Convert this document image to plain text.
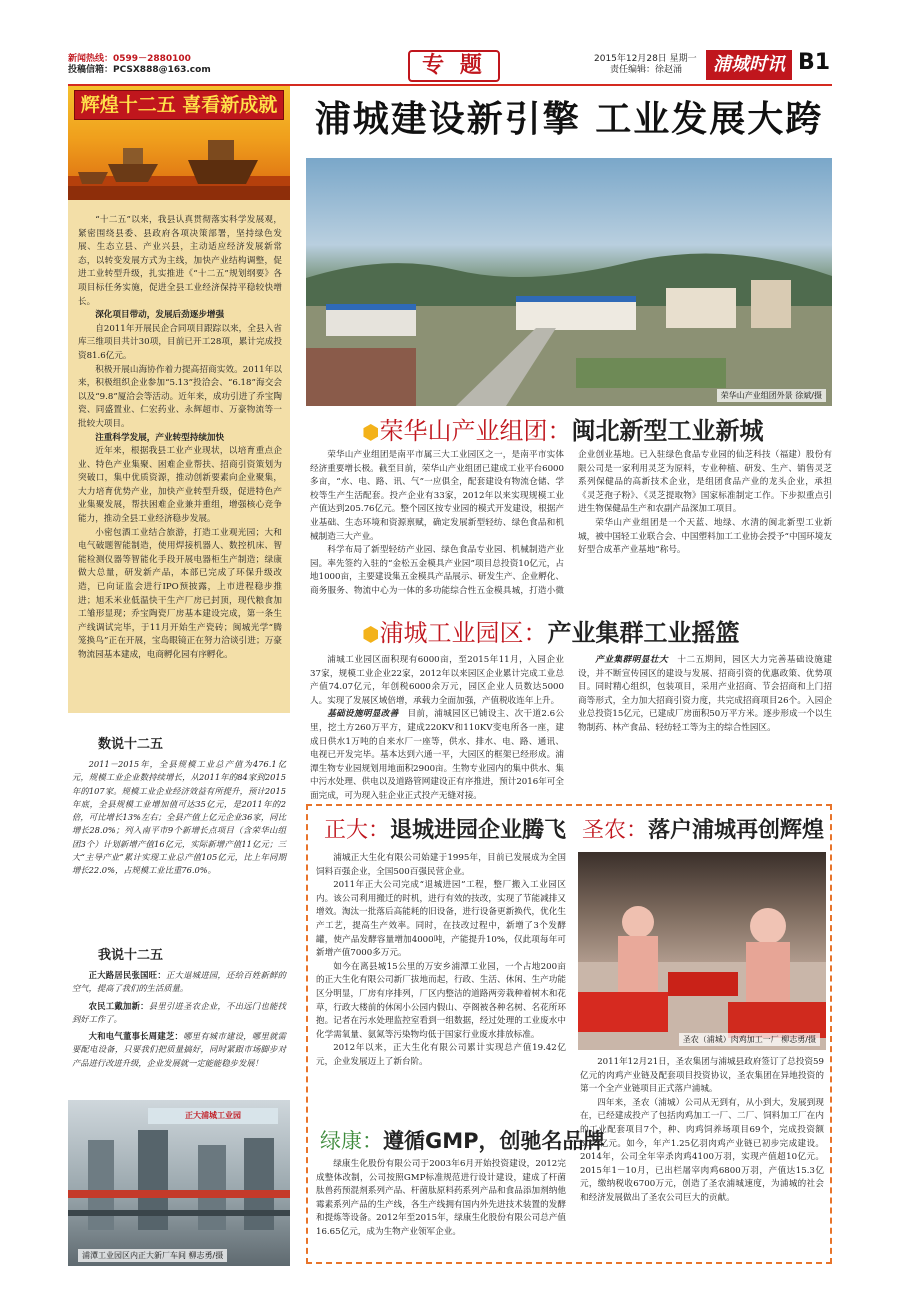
新闻热线：0599－2880100
投稿信箱：PCSX888@163.com	专 题	2015年12月28日 星期一
责任编辑：徐赵涌	浦城时讯 B1
辉煌十二五 喜看新成就
“十二五”以来，我县认真贯彻落实科学发展观，紧密围绕县委、县政府各项决策部署，坚持绿色发展、生态立县、产业兴县，主动适应经济发展新常态，以转变发展方式为主线，加快产业结构调整，促进工业转型升级，扎实推进《“十二五”规划纲要》各项目标任务实施，促进全县工业经济保持平稳较快增长。
深化项目带动，发展后劲逐步增强
自2011年开展民企合同项目跟踪以来，全县入省库三维项目共计30项，目前已开工28项，累计完成投资81.6亿元。
积极开展山海协作着力提高招商实效。2011年以来，积极组织企业参加“5.13”投洽会、“6.18”海交会以及“9.8”厦洽会等活动。近年来，成功引进了乔宝陶瓷、同盛置业、仁宏药业、永辉超市、万豪物流等一批较大项目。
注重科学发展，产业转型持续加快
近年来，根据我县工业产业现状，以培育重点企业、特色产业集聚、困难企业帮扶、招商引资策划为突破口，集中优质资源，推动创新要素向企业聚集，大力培育优势产业，加快产业转型升级，促进特色产业集聚发展，帮扶困难企业兼并重组，增强核心竞争能力，推动全县工业经济稳步发展。
小密包酒工业结合旅游，打造工业观光园；大和电气破题智能制造，使用焊接机器人、数控机床、智能检测仪器等智能化手段开展电器柜生产制造；绿康做大总量，研发新产品，本部已完成了环保升级改造，已向证监会进行IPO预披露，上市进程稳步推进；旭禾米业低温快干生产厂房已封顶，现代粮食加工雏形显现；乔宝陶瓷厂房基本建设完成，第一条生产线调试完毕，于11月开始生产瓷砖；闽城光学“腾笼换鸟”正在开展，宝岛眼镜正在努力洽谈引进；万豪物流园基本建成，电商孵化园有序孵化。
数说十二五
2011－2015年，全县规模工业总产值为476.1亿元，规模工业企业数持续增长，从2011年的84家到2015年的107家。规模工业企业经济效益有所提升，预计2015年底，全县规模工业增加值可达35亿元，是2011年的2倍，可比增长13%左右；全县产值上亿元企业36家，同比增长28.0%；列入南平市9个新增长点项目（含荣华山组团3个）计划新增产值16亿元，实际新增产值11亿元；三大“主导产业”累计实现工业总产值105亿元，比上年同期增长22.0%，占规模工业比重76.0%。
我说十二五
正大路居民张国旺：正大退城进园，还给百姓新鲜的空气，提高了我们的生活质量。
农民工戴加新：县里引进圣农企业，不出远门也能找到好工作了。
大和电气董事长周建芝：哪里有城市建设，哪里就需要配电设备，只要我们把质量搞好，同时紧跟市场脚步对产品进行改进升级，企业发展就一定能能稳步发展！
正大浦城工业园
浦潭工业园区内正大新厂车间 柳志勇/摄
浦城建设新引擎 工业发展大跨
荣华山产业组团外景 徐斌/摄
⬢荣华山产业组团：闽北新型工业新城
荣华山产业组团是南平市属三大工业园区之一，是南平市实体经济重要增长极。截至目前，荣华山产业组团已建成工业平台6000多亩，“水、电、路、讯、气”一应俱全，配套建设有物流仓储、学校等生产生活配套。投产企业有33家，2012年以来实现规模工业产值达到205.76亿元。整个园区按专业园的模式开发建设，根据产业基础、生态环境和资源禀赋，确定发展新型轻纺、绿色食品和机械制造三大产业。
科学布局了新型轻纺产业园、绿色食品专业园、机械制造产业园。率先签约入驻的“金松五金模具产业园”项目总投资10亿元，占地1000亩，主要建设集五金模具产品展示、研发生产、企业孵化、商务服务、物流中心为一体的多功能综合性五金模具城，打造小微企业创业基地。已入驻绿色食品专业园的仙芝科技（福建）股份有限公司是一家利用灵芝为原料，专业种植、研发、生产、销售灵芝系列保健品的高新技术企业，是组团食品产业的龙头企业，承担《灵芝孢子粉》、《灵芝提取物》国家标准制定工作。下步拟重点引进生物保健品生产和农副产品深加工项目。
荣华山产业组团是一个天蓝、地绿、水清的闽北新型工业新城，被中国轻工业联合会、中国塑料加工工业协会授予“中国环境友好型合成革产业基地”称号。
⬢浦城工业园区：产业集群工业摇篮
浦城工业园区面积现有6000亩，至2015年11月，入园企业37家，规模工业企业22家，2012年以来园区企业累计完成工业总产值74.07亿元，年创税6000余万元，园区企业人员数达5000人。实现了发展区域倍增，承载力全面加强，产值税收连年上升。
基础设施明显改善　 目前，浦城园区已铺设主、次干道2.6公里，挖土方260万平方，建成220KV和110KV变电所各一座，建成日供水1万吨的自来水厂一座等，供水、排水、电、路、通讯、电视已开发完毕。基本达到六通一平，大园区的框架已经形成。浦潭生物专业园规划用地面积2900亩。生物专业园内的集中供水、集中污水处理、供电以及道路管网建设正有序推进，预计2016年可全面完成，可为现入驻企业正式投产无缝对接。
产业集群明显壮大　 十二五期间，园区大力完善基础设施建设，并不断宣传园区的建设与发展、招商引资的优惠政策、优势项目。同时精心组织，包装项目，采用产业招商、节会招商和上门招商等形式，全力加大招商引资力度，共完成招商项目26个。入园企业总投资15亿元，已建成厂房面积50万平方米。逐步形成一个以生物制药、林产食品、轻纺轻工等为主的综合性园区。
正大：退城进园企业腾飞
浦城正大生化有限公司始建于1995年，目前已发展成为全国饲料百强企业，全国500百强民营企业。
2011年正大公司完成“退城进园”工程，整厂搬入工业园区内。该公司利用搬迁的时机，进行有效的技改，实现了节能减排又增效。淘汰一批落后高能耗的旧设备，进行设备更新换代，优化生产工艺，提高生产效率。同时，在技改过程中，新增了3个发酵罐，使产品发酵容量增加4000吨，产能提升10%，仅此项每年可新增产值7000多万元。
如今在离县城15公里的万安乡浦潭工业园，一个占地200亩的正大生化有限公司新厂拔地而起，行政、生活、休闲、生产功能区分明显，厂房有序排列，厂区内整洁的道路两旁栽种着树木和花草，行政大楼前的休闲小公园内假山、亭阁被各种名树、名花所环抱。记者在污水处理监控室看到一组数据，经过处理的工业废水中化学需氧量、氨氮等污染物均低于国家行业废水排放标准。
2012年以来，正大生化有限公司累计实现总产值19.42亿元，企业发展迈上了新台阶。
绿康：遵循GMP，创驰名品牌
绿康生化股份有限公司于2003年6月开始投资建设，2012完成整体改制，公司按照GMP标准规范进行设计建设，建成了杆菌肽兽药预混剂系列产品、杆菌肽原料药系列产品和食品添加剂纳他霉素系列产品的生产线，各生产线拥有国内外先进技术装置的发酵和提炼等设备。2012年至2015年，绿康生化股份有限公司总产值16.65亿元，成为生物产业领军企业。
圣农：落户浦城再创辉煌
圣农（浦城）肉鸡加工一厂 柳志勇/摄
2011年12月21日，圣农集团与浦城县政府签订了总投资59亿元的肉鸡产业链及配套项目投资协议，圣农集团在异地投资的第一个全产业链项目正式落户浦城。
四年来，圣农（浦城）公司从无到有，从小到大，发展到现在，已经建成投产了包括肉鸡加工一厂、二厂、饲料加工厂在内的工业配套项目7个，种、肉鸡饲养场项目69个，完成投资额30.5亿元。如今，年产1.25亿羽肉鸡产业链已初步完成建设。2014年，公司全年宰杀肉鸡4100万羽，实现产值超10亿元。2015年1－10月，已出栏屠宰肉鸡6800万羽，产值达15.3亿元，缴纳税收6700万元，创造了圣农浦城速度，为浦城的社会和经济发展做出了圣农公司巨大的贡献。
